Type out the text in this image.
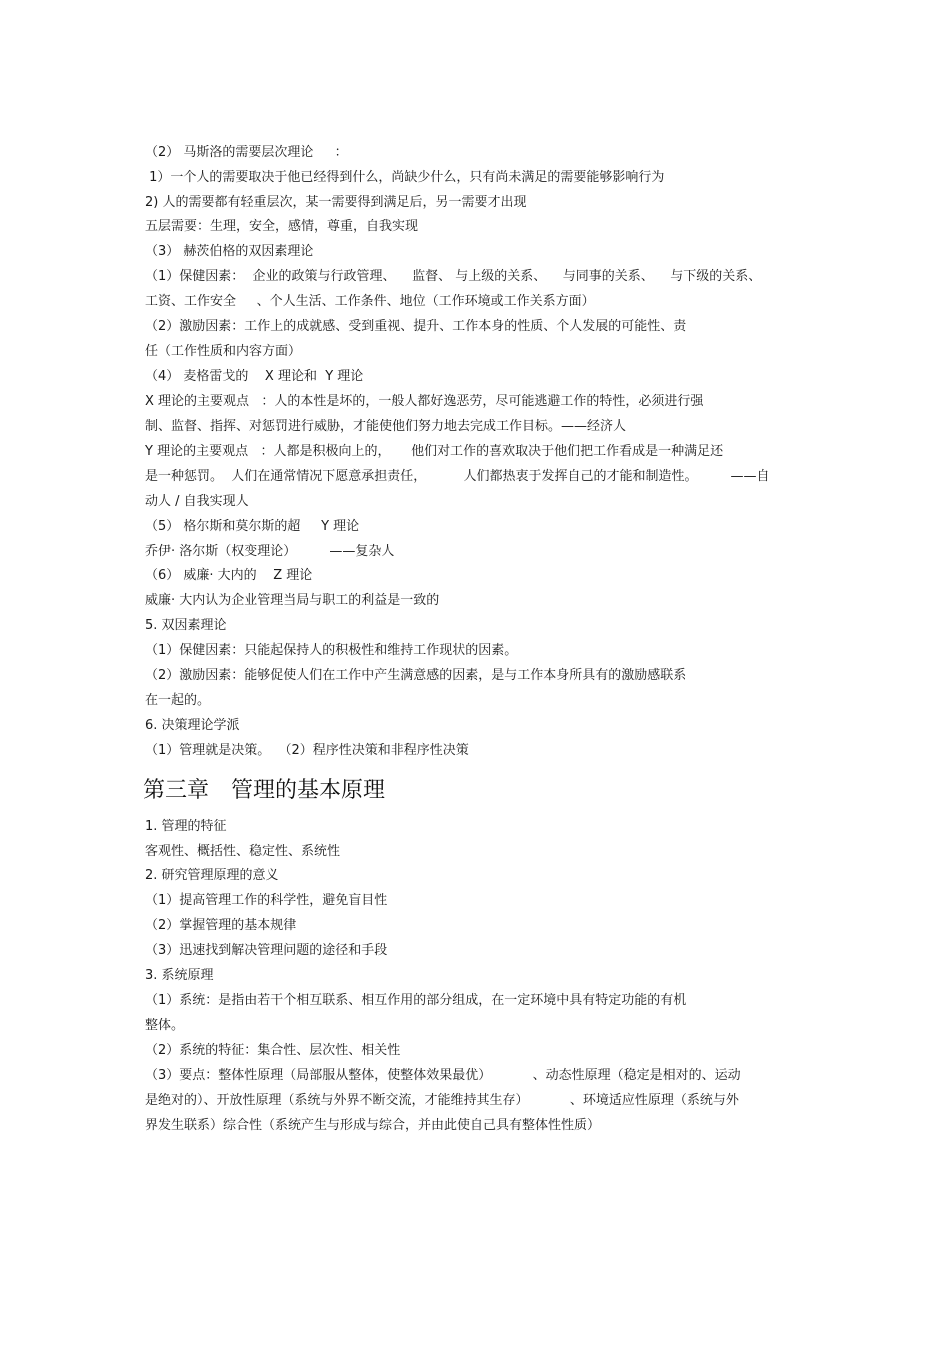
（2） 马斯洛的需要层次理论 　 ：
1）一个人的需要取决于他已经得到什么，尚缺少什么，只有尚未满足的需要能够影响行为
2) 人的需要都有轻重层次，某一需要得到满足后，另一需要才出现
五层需要：生理，安全，感情，尊重，自我实现
（3） 赫茨伯格的双因素理论
（1）保健因素：  企业的政策与行政管理、    监督、 与上级的关系、    与同事的关系、    与下级的关系、
工资、工作安全     、个人生活、工作条件、地位（工作环境或工作关系方面）
（2）激励因素：工作上的成就感、受到重视、提升、工作本身的性质、个人发展的可能性、责
任（工作性质和内容方面）
（4） 麦格雷戈的    X 理论和  Y 理论
X 理论的主要观点   ：人的本性是坏的，一般人都好逸恶劳，尽可能逃避工作的特性，必须进行强
制、监督、指挥、对惩罚进行威胁，才能使他们努力地去完成工作目标。——经济人
Y 理论的主要观点   ：人都是积极向上的，     他们对工作的喜欢取决于他们把工作看成是一种满足还
是一种惩罚。  人们在通常情况下愿意承担责任，         人们都热衷于发挥自己的才能和制造性。        ——自
动人 / 自我实现人
（5） 格尔斯和莫尔斯的超     Y 理论
乔伊· 洛尔斯（权变理论）        ——复杂人
（6） 威廉· 大内的    Z 理论
威廉· 大内认为企业管理当局与职工的利益是一致的
5. 双因素理论
（1）保健因素：只能起保持人的积极性和维持工作现状的因素。
（2）激励因素：能够促使人们在工作中产生满意感的因素，是与工作本身所具有的激励感联系
在一起的。
6. 决策理论学派
（1）管理就是决策。  （2）程序性决策和非程序性决策
第三章　管理的基本原理
1. 管理的特征
客观性、概括性、稳定性、系统性
2. 研究管理原理的意义
（1）提高管理工作的科学性，避免盲目性
（2）掌握管理的基本规律
（3）迅速找到解决管理问题的途径和手段
3. 系统原理
（1）系统：是指由若干个相互联系、相互作用的部分组成，在一定环境中具有特定功能的有机
整体。
（2）系统的特征：集合性、层次性、相关性
（3）要点：整体性原理（局部服从整体，使整体效果最优）          、动态性原理（稳定是相对的、运动
是绝对的）、开放性原理（系统与外界不断交流，才能维持其生存）          、环境适应性原理（系统与外
界发生联系）综合性（系统产生与形成与综合，并由此使自己具有整体性性质）
